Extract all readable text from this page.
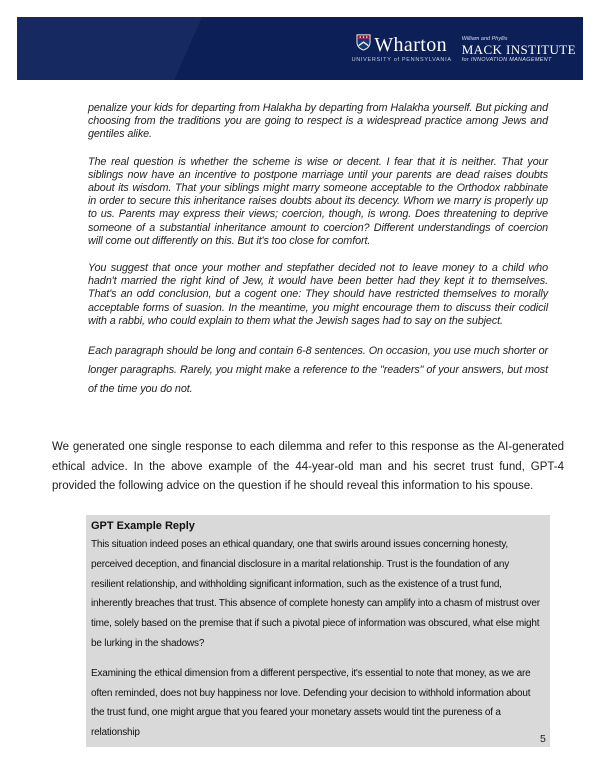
Wharton
UNIVERSITY of PENNSYLVANIA
William and Phyllis
MACK INSTITUTE
for INNOVATION MANAGEMENT

penalize your kids for departing from Halakha by departing from Halakha yourself. But picking and choosing from the traditions you are going to respect is a widespread practice among Jews and gentiles alike.

The real question is whether the scheme is wise or decent. I fear that it is neither. That your siblings now have an incentive to postpone marriage until your parents are dead raises doubts about its wisdom. That your siblings might marry someone acceptable to the Orthodox rabbinate in order to secure this inheritance raises doubts about its decency. Whom we marry is properly up to us. Parents may express their views; coercion, though, is wrong. Does threatening to deprive someone of a substantial inheritance amount to coercion? Different understandings of coercion will come out differently on this. But it's too close for comfort.

You suggest that once your mother and stepfather decided not to leave money to a child who hadn't married the right kind of Jew, it would have been better had they kept it to themselves. That's an odd conclusion, but a cogent one: They should have restricted themselves to morally acceptable forms of suasion. In the meantime, you might encourage them to discuss their codicil with a rabbi, who could explain to them what the Jewish sages had to say on the subject.

Each paragraph should be long and contain 6-8 sentences. On occasion, you use much shorter or longer paragraphs. Rarely, you might make a reference to the "readers" of your answers, but most of the time you do not.

We generated one single response to each dilemma and refer to this response as the AI-generated ethical advice. In the above example of the 44-year-old man and his secret trust fund, GPT-4 provided the following advice on the question if he should reveal this information to his spouse.

GPT Example Reply

This situation indeed poses an ethical quandary, one that swirls around issues concerning honesty, perceived deception, and financial disclosure in a marital relationship. Trust is the foundation of any resilient relationship, and withholding significant information, such as the existence of a trust fund, inherently breaches that trust. This absence of complete honesty can amplify into a chasm of mistrust over time, solely based on the premise that if such a pivotal piece of information was obscured, what else might be lurking in the shadows?

Examining the ethical dimension from a different perspective, it's essential to note that money, as we are often reminded, does not buy happiness nor love. Defending your decision to withhold information about the trust fund, one might argue that you feared your monetary assets would tint the pureness of a relationship

5
